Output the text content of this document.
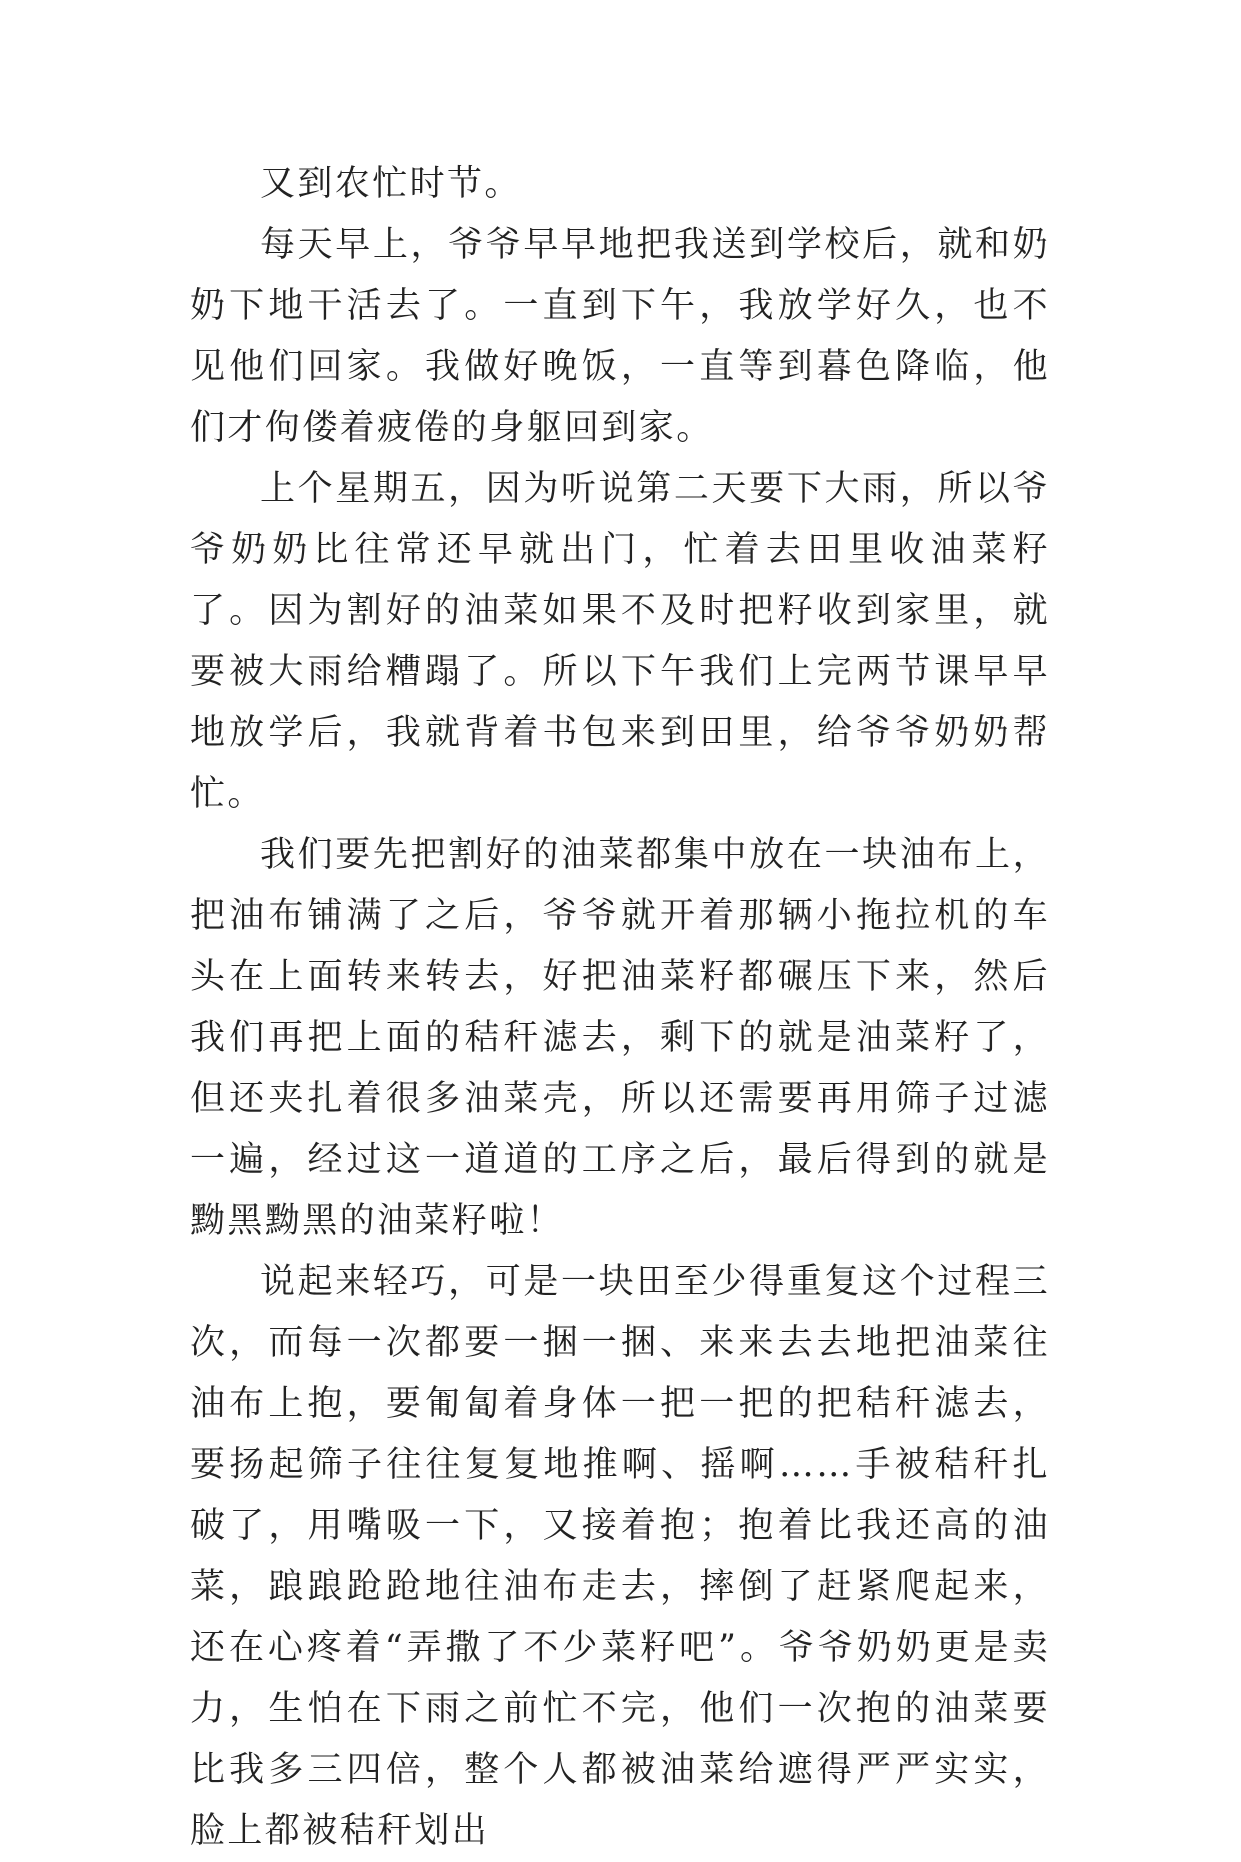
又到农忙时节。

每天早上，爷爷早早地把我送到学校后，就和奶奶下地干活去了。一直到下午，我放学好久，也不见他们回家。我做好晚饭，一直等到暮色降临，他们才佝偻着疲倦的身躯回到家。

上个星期五，因为听说第二天要下大雨，所以爷爷奶奶比往常还早就出门，忙着去田里收油菜籽了。因为割好的油菜如果不及时把籽收到家里，就要被大雨给糟蹋了。所以下午我们上完两节课早早地放学后，我就背着书包来到田里，给爷爷奶奶帮忙。

我们要先把割好的油菜都集中放在一块油布上，把油布铺满了之后，爷爷就开着那辆小拖拉机的车头在上面转来转去，好把油菜籽都碾压下来，然后我们再把上面的秸秆滤去，剩下的就是油菜籽了，但还夹扎着很多油菜壳，所以还需要再用筛子过滤一遍，经过这一道道的工序之后，最后得到的就是黝黑黝黑的油菜籽啦！

说起来轻巧，可是一块田至少得重复这个过程三次，而每一次都要一捆一捆、来来去去地把油菜往油布上抱，要匍匐着身体一把一把的把秸秆滤去，要扬起筛子往往复复地推啊、摇啊……手被秸秆扎破了，用嘴吸一下，又接着抱；抱着比我还高的油菜，踉踉跄跄地往油布走去，摔倒了赶紧爬起来，还在心疼着“弄撒了不少菜籽吧”。爷爷奶奶更是卖力，生怕在下雨之前忙不完，他们一次抱的油菜要比我多三四倍，整个人都被油菜给遮得严严实实，脸上都被秸秆划出
